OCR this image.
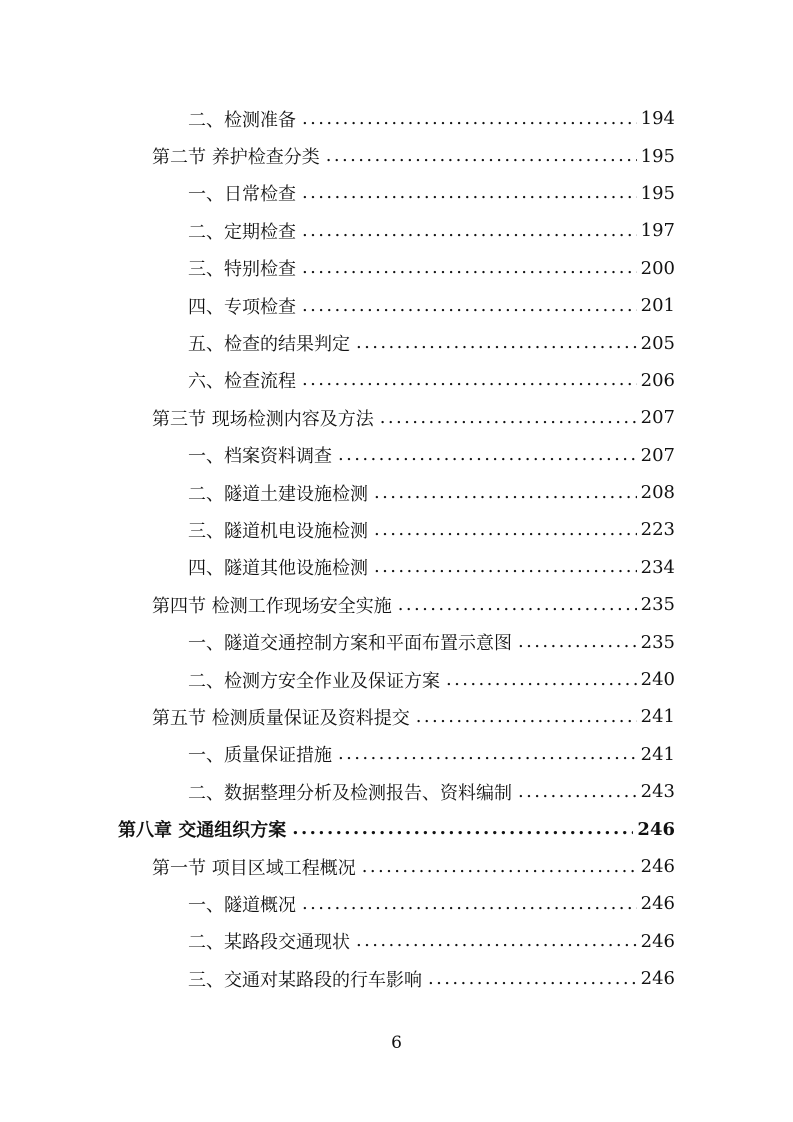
二、检测准备 .....	194
第二节 养护检查分类 .....	195
一、日常检查 .....	195
二、定期检查 .....	197
三、特别检查 .....	200
四、专项检查 .....	201
五、检查的结果判定 .....	205
六、检查流程 .....	206
第三节 现场检测内容及方法 .....	207
一、档案资料调查 .....	207
二、隧道土建设施检测 .....	208
三、隧道机电设施检测 .....	223
四、隧道其他设施检测 .....	234
第四节 检测工作现场安全实施 .....	235
一、隧道交通控制方案和平面布置示意图 .....	235
二、检测方安全作业及保证方案 .....	240
第五节 检测质量保证及资料提交 .....	241
一、质量保证措施 .....	241
二、数据整理分析及检测报告、资料编制 .....	243
第八章 交通组织方案 .....	246
第一节 项目区域工程概况 .....	246
一、隧道概况 .....	246
二、某路段交通现状 .....	246
三、交通对某路段的行车影响 .....	246
6
